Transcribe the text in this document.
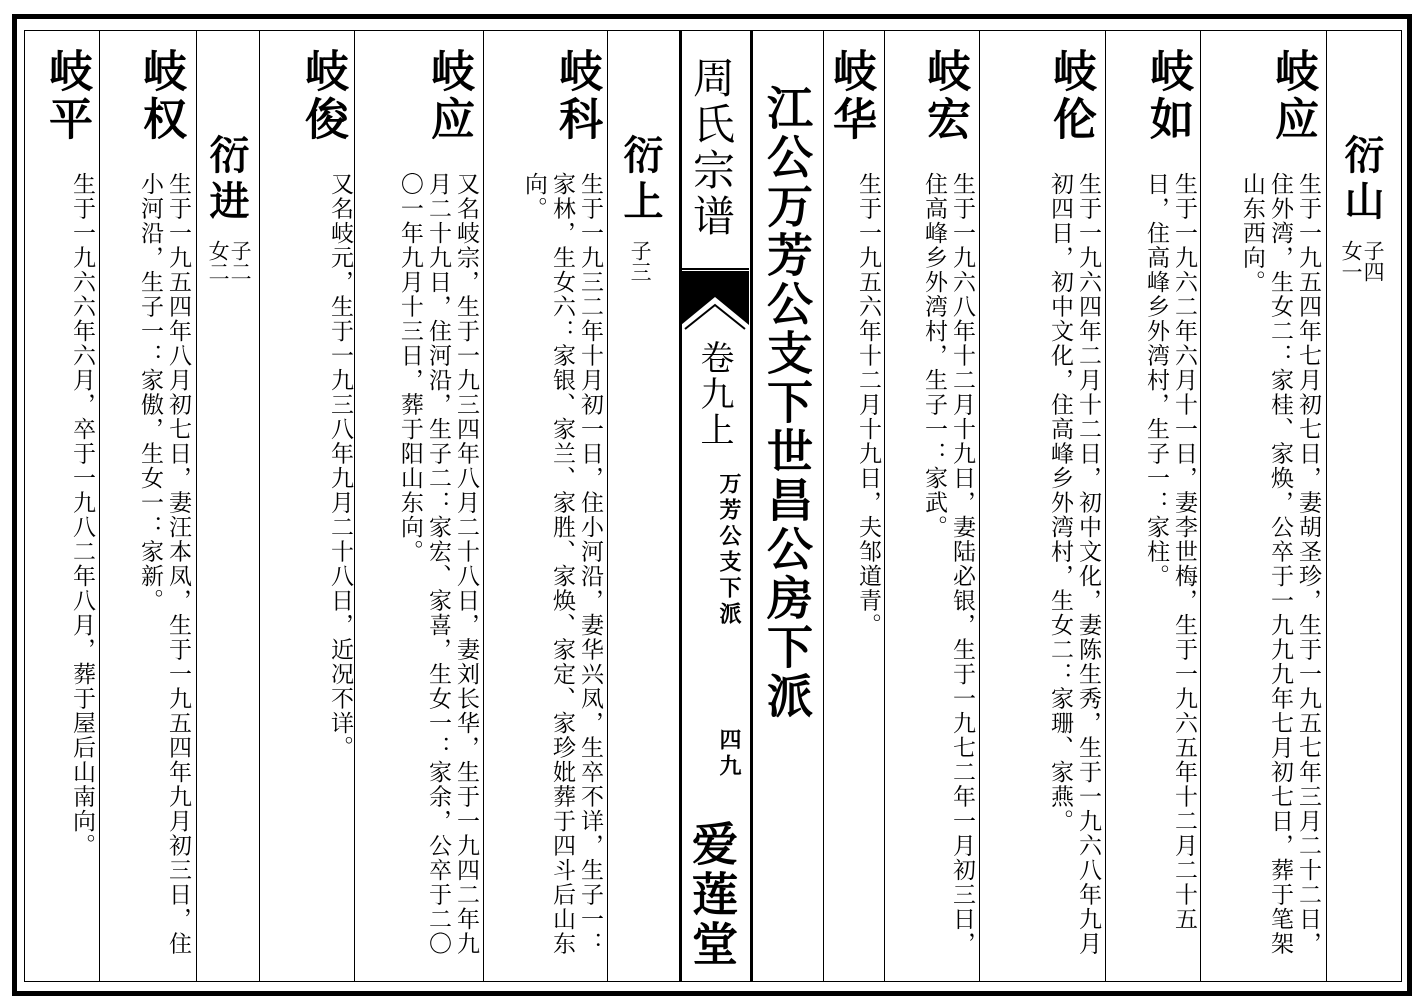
周氏宗谱
卷九上
万芳公支下派
四九
爱莲堂
江公万芳公支下世昌公房下派	衍山
子四
女一
岐应
生于一九五四年七月初七日，妻胡圣珍，生于一九五七年三月二十二日，住外湾，生女二：家桂、家焕，公卒于一九九九年七月初七日，葬于笔架山东西向。
岐如
生于一九六二年六月十一日，妻李世梅，生于一九六五年十二月二十五日，住高峰乡外湾村，生子一：家柱。
岐伦
生于一九六四年二月十二日，初中文化，妻陈生秀，生于一九六八年九月初四日，初中文化，住高峰乡外湾村，生女二：家珊、家燕。
岐宏
生于一九六八年十二月十九日，妻陆必银，生于一九七二年一月初三日，住高峰乡外湾村，生子一：家武。
岐华
生于一九五六年十二月十九日，夫邹道青。
衍上
子三
岐科
生于一九三二年十月初一日，住小河沿，妻华兴凤，生卒不详，生子一：家林，生女六：家银、家兰、家胜、家焕、家定、家珍妣葬于四斗后山东向。
岐应
又名岐宗，生于一九三四年八月二十八日，妻刘长华，生于一九四二年九月二十九日，住河沿，生子二：家宏、家喜，生女一：家余，公卒于二〇〇一年九月十三日，葬于阳山东向。
岐俊
又名岐元，生于一九三八年九月二十八日，近况不详。
衍进
子二
女二
岐权
生于一九五四年八月初七日，妻汪本凤，生于一九五四年九月初三日，住小河沿，生子一：家傲，生女一：家新。
岐平
生于一九六六年六月，卒于一九八二年八月，葬于屋后山南向。
